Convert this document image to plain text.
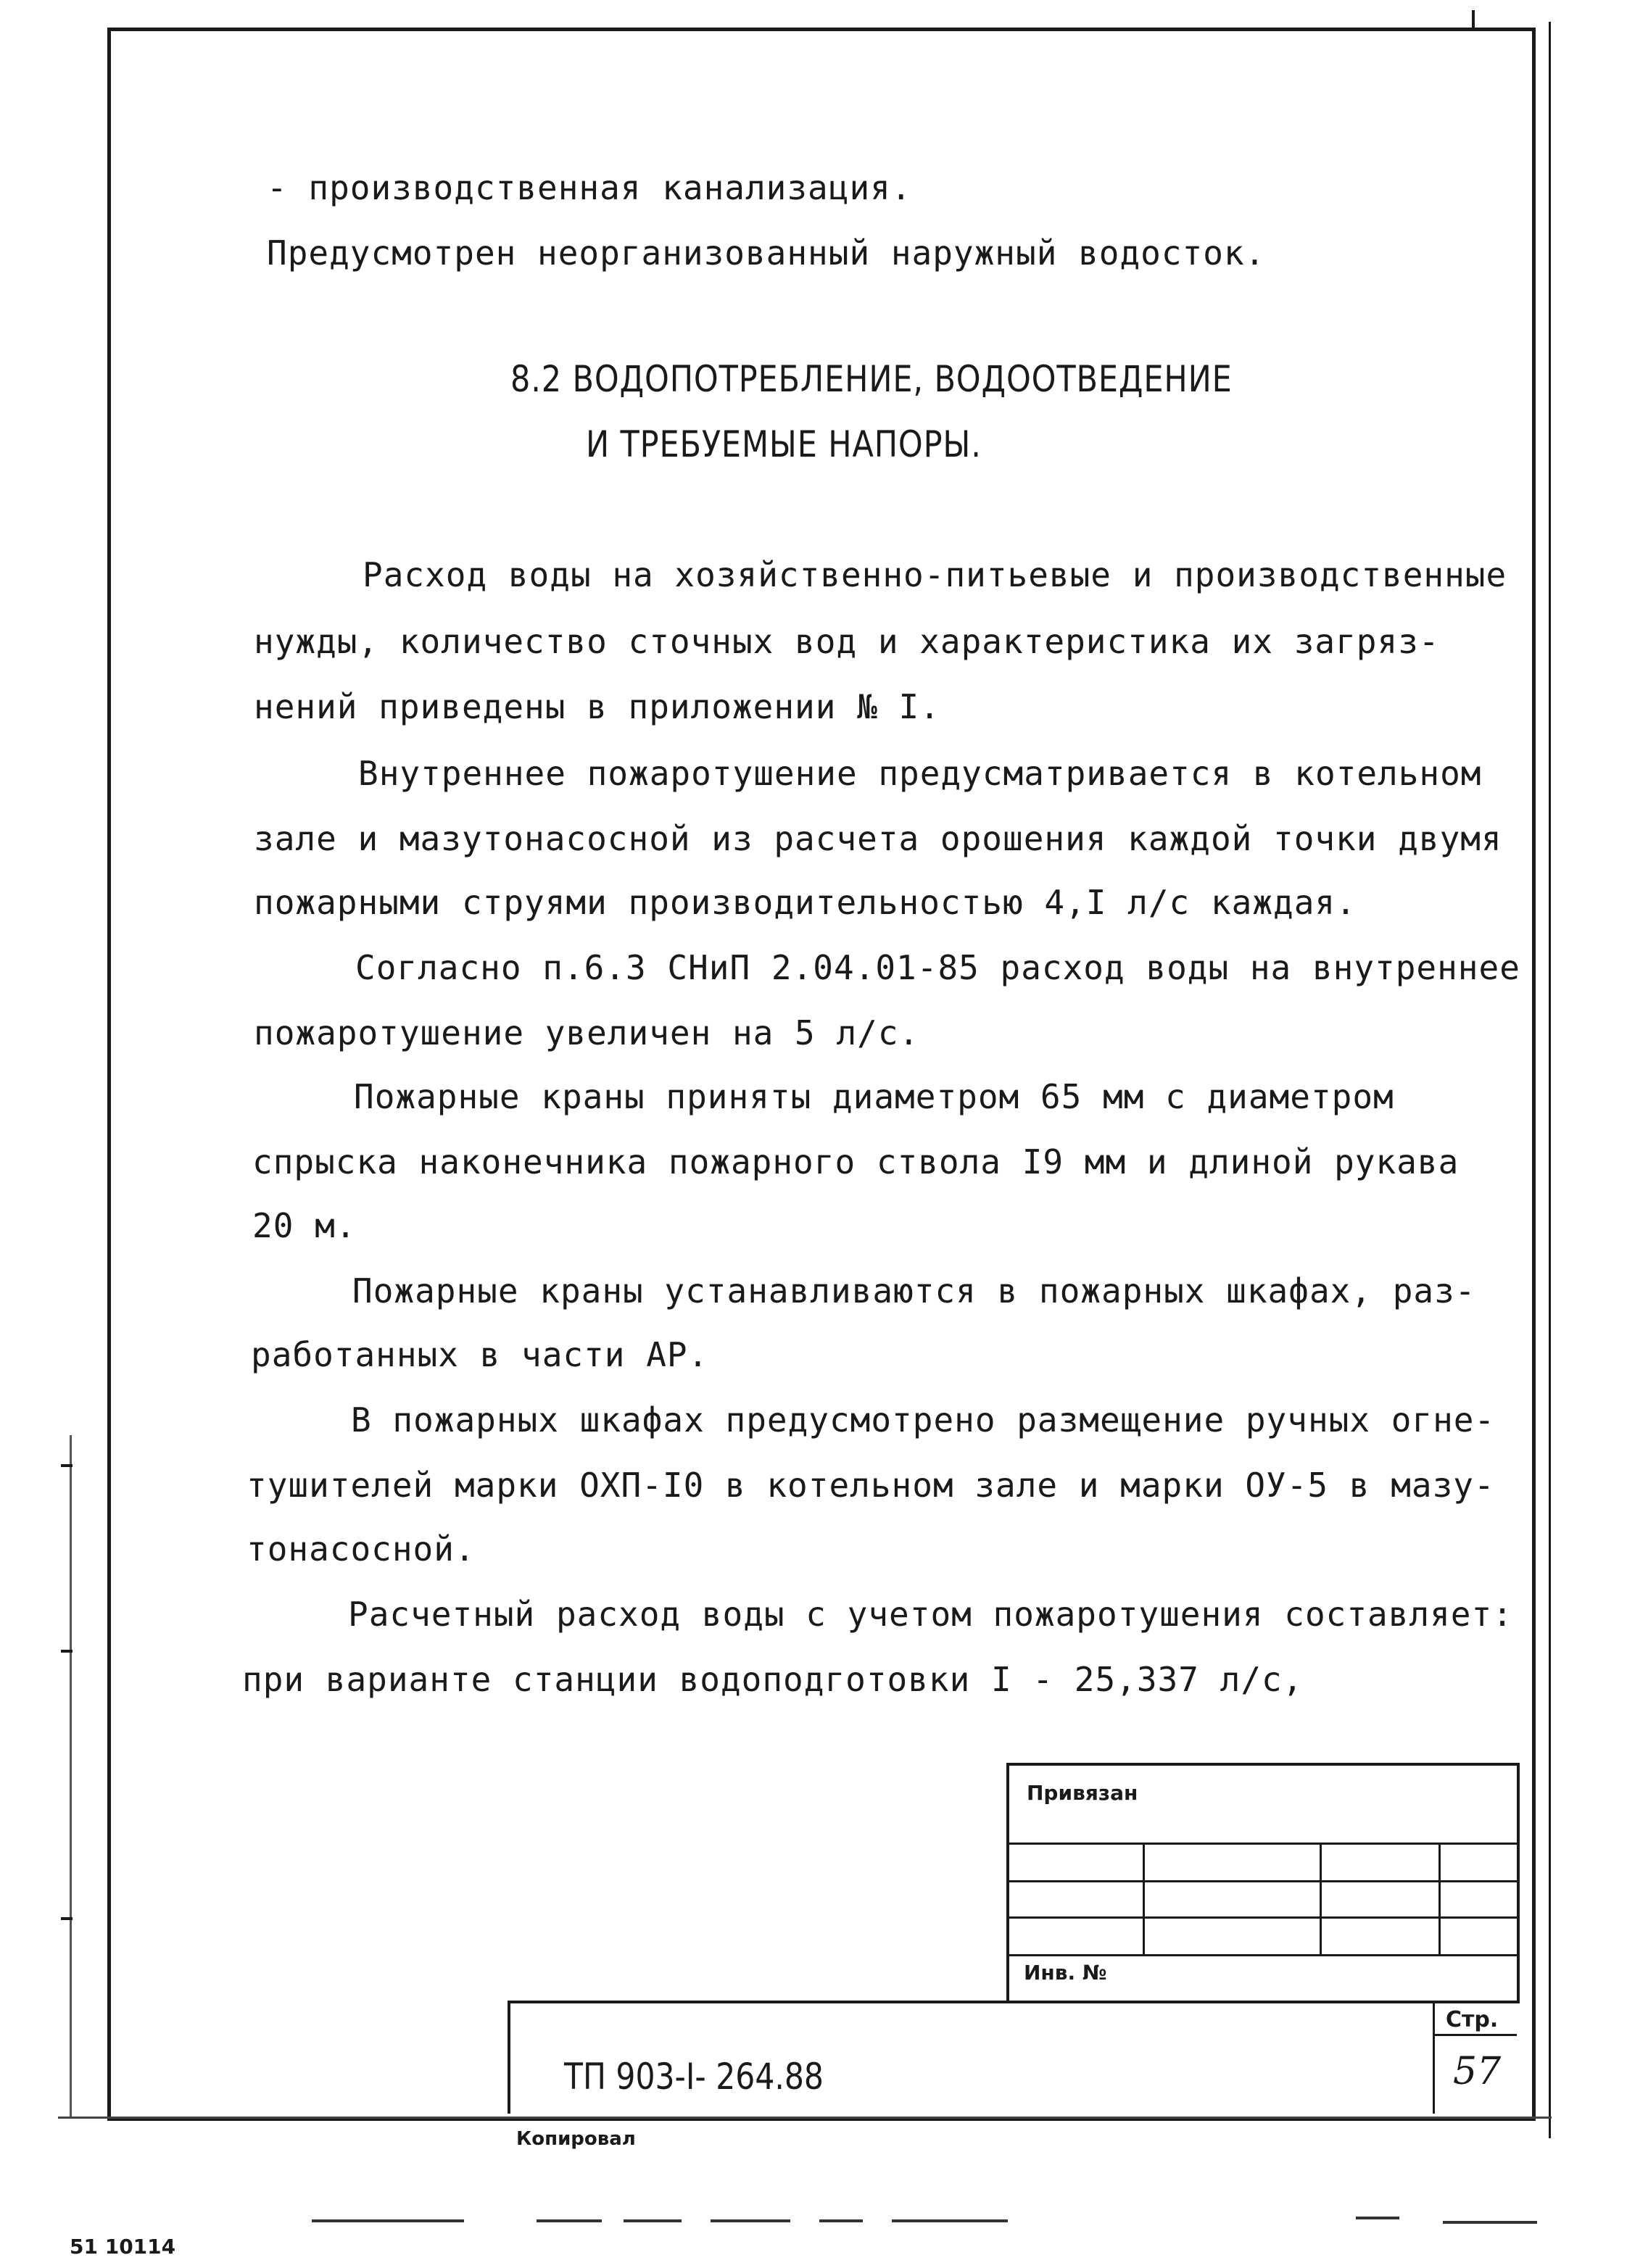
- производственная канализация.
Предусмотрен неорганизованный наружный водосток.
8.2 ВОДОПОТРЕБЛЕНИЕ, ВОДООТВЕДЕНИЕ
И ТРЕБУЕМЫЕ НАПОРЫ.
Расход воды на хозяйственно-питьевые и производственные
нужды, количество сточных вод и характеристика их загряз-
нений приведены в приложении № I.
Внутреннее пожаротушение предусматривается в котельном
зале и мазутонасосной из расчета орошения каждой точки двумя
пожарными струями производительностью 4,I л/с каждая.
Согласно п.6.3 СНиП 2.04.01-85 расход воды на внутреннее
пожаротушение увеличен на 5 л/с.
Пожарные краны приняты диаметром 65 мм с диаметром
спрыска наконечника пожарного ствола I9 мм и длиной рукава
20 м.
Пожарные краны устанавливаются в пожарных шкафах, раз-
работанных в части АР.
В пожарных шкафах предусмотрено размещение ручных огне-
тушителей марки ОХП-I0 в котельном зале и марки ОУ-5 в мазу-
тонасосной.
Расчетный расход воды с учетом пожаротушения составляет:
при варианте станции водоподготовки I - 25,337 л/с,
Привязан
Инв. №
Стр.
57
ТП 903-I- 264.88
Копировал
51 10114
